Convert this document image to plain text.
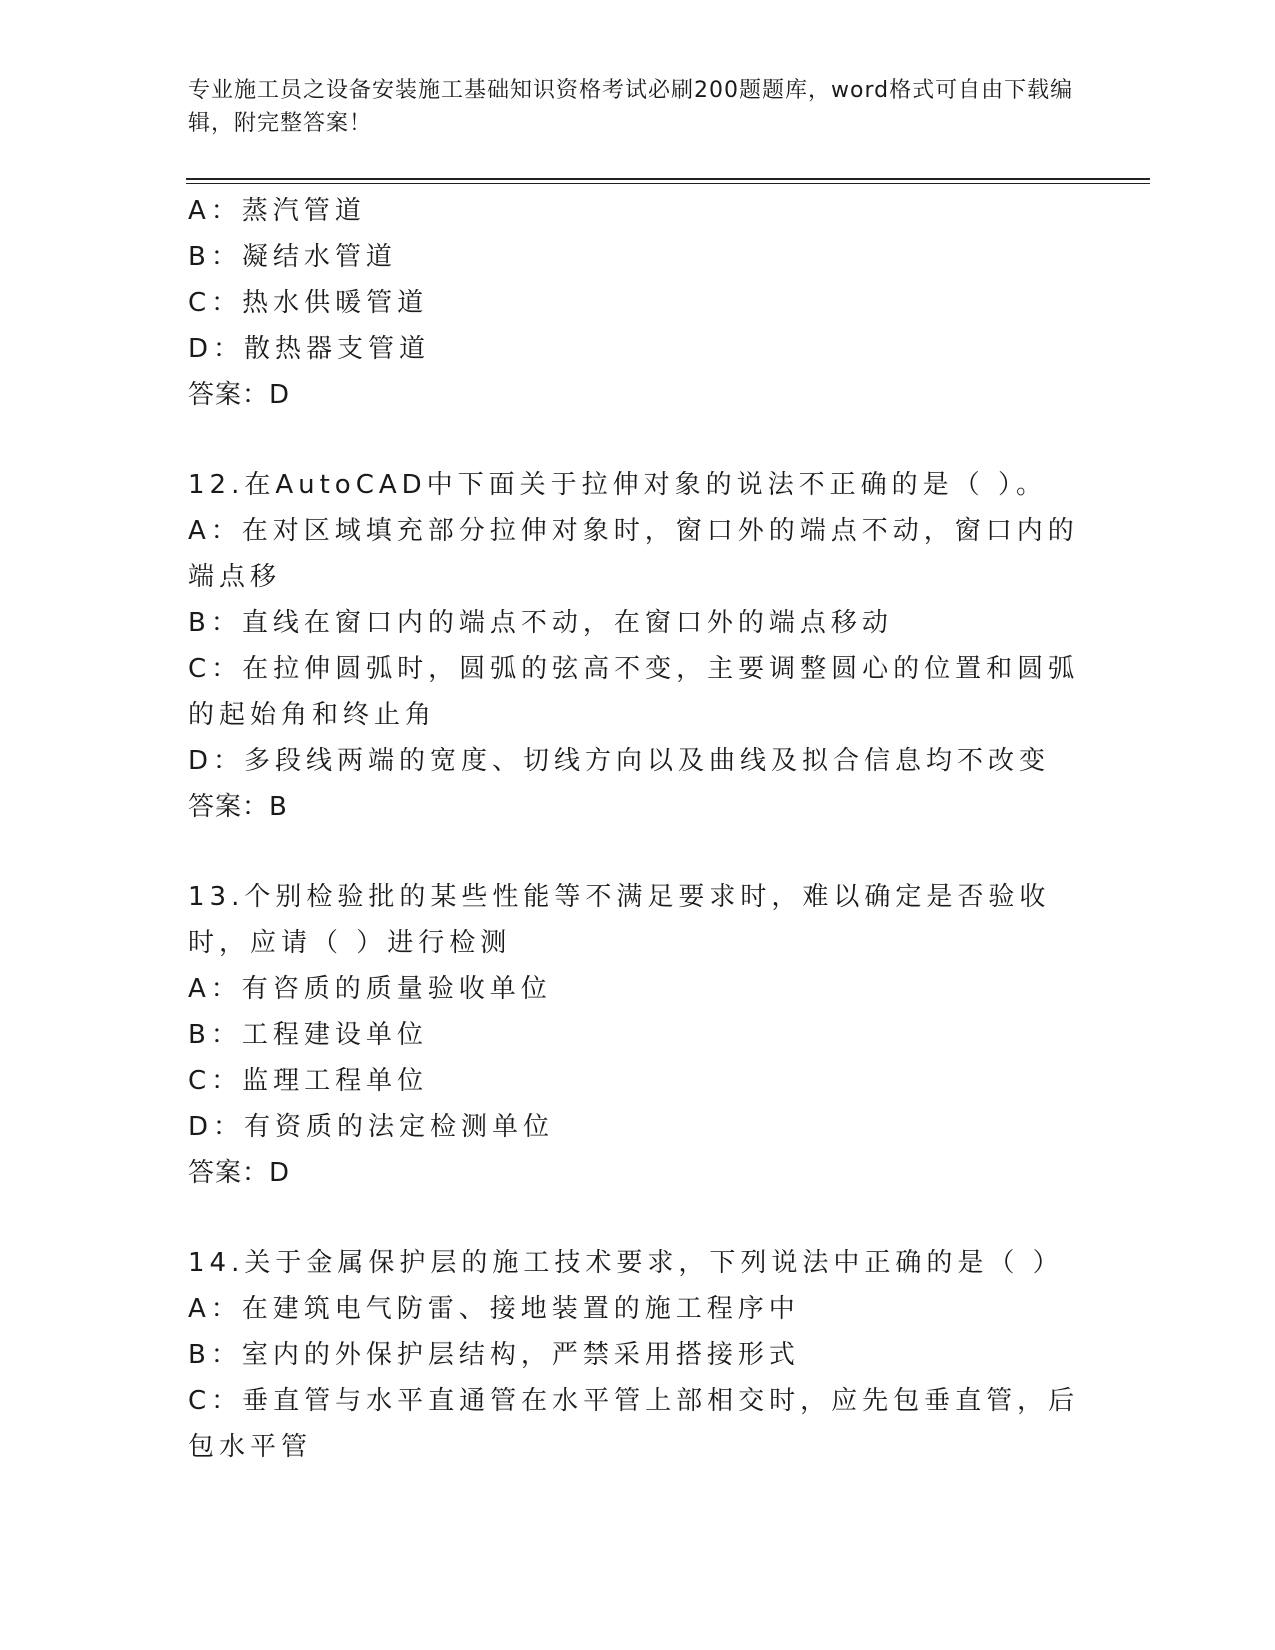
专业施工员之设备安装施工基础知识资格考试必刷200题题库，word格式可自由下载编辑，附完整答案！
A：蒸汽管道
B：凝结水管道
C：热水供暖管道
D：散热器支管道
答案：D
12.在AutoCAD中下面关于拉伸对象的说法不正确的是（ ）。
A：在对区域填充部分拉伸对象时，窗口外的端点不动，窗口内的端点移
B：直线在窗口内的端点不动，在窗口外的端点移动
C：在拉伸圆弧时，圆弧的弦高不变，主要调整圆心的位置和圆弧的起始角和终止角
D：多段线两端的宽度、切线方向以及曲线及拟合信息均不改变
答案：B
13.个别检验批的某些性能等不满足要求时，难以确定是否验收时，应请（ ）进行检测
A：有咨质的质量验收单位
B：工程建设单位
C：监理工程单位
D：有资质的法定检测单位
答案：D
14.关于金属保护层的施工技术要求，下列说法中正确的是（ ）
A：在建筑电气防雷、接地装置的施工程序中
B：室内的外保护层结构，严禁采用搭接形式
C：垂直管与水平直通管在水平管上部相交时，应先包垂直管，后包水平管
